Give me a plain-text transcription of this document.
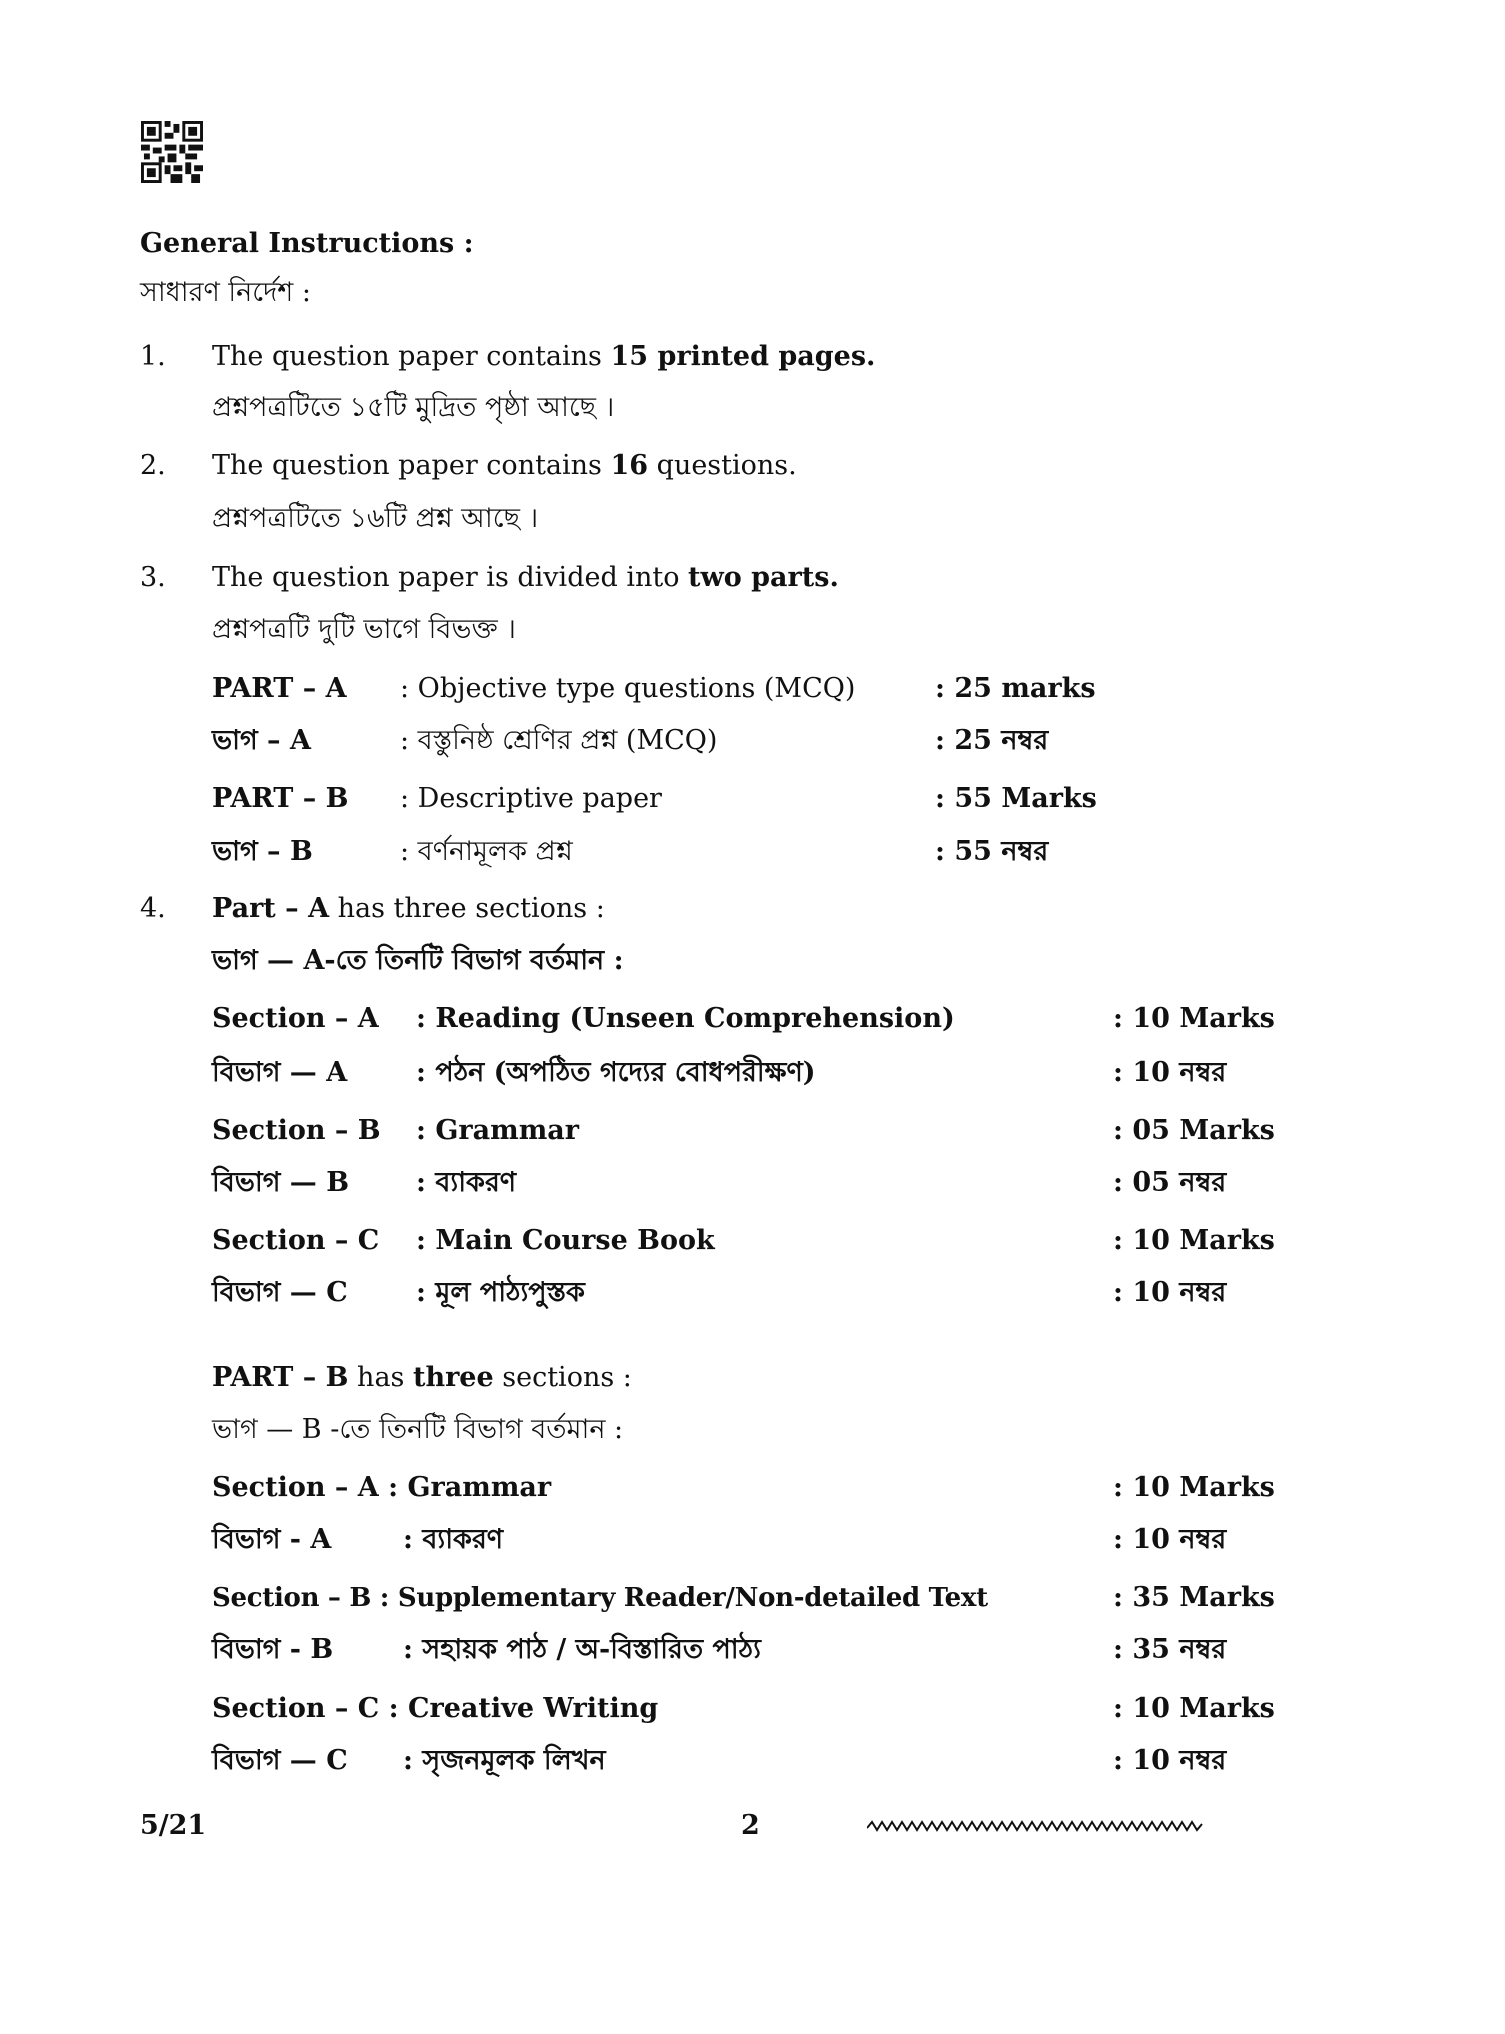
General Instructions :
সাধারণ নির্দেশ :
1. The question paper contains 15 printed pages.
প্রশ্নপত্রটিতে ১৫টি মুদ্রিত পৃষ্ঠা আছে ।
2. The question paper contains 16 questions.
প্রশ্নপত্রটিতে ১৬টি প্রশ্ন আছে ।
3. The question paper is divided into two parts.
প্রশ্নপত্রটি দুটি ভাগে বিভক্ত ।
PART – A : Objective type questions (MCQ)	: 25 marks
ভাগ – A	: বস্তুনিষ্ঠ শ্রেণির প্রশ্ন (MCQ)	: 25 নম্বর
PART – B : Descriptive paper	: 55 Marks
ভাগ – B	: বর্ণনামূলক প্রশ্ন	: 55 নম্বর
4. Part – A has three sections :
ভাগ — A-তে তিনটি বিভাগ বর্তমান :
Section – A : Reading (Unseen Comprehension)	: 10 Marks
বিভাগ — A	: পঠন (অপঠিত গদ্যের বোধপরীক্ষণ)	: 10 নম্বর
Section – B : Grammar	: 05 Marks
বিভাগ — B : ব্যাকরণ	: 05 নম্বর
Section – C : Main Course Book	: 10 Marks
বিভাগ — C	: মূল পাঠ্যপুস্তক	: 10 নম্বর
PART – B has three sections :
ভাগ — B -তে তিনটি বিভাগ বর্তমান :
Section – A : Grammar	: 10 Marks
বিভাগ - A	: ব্যাকরণ	: 10 নম্বর
Section – B : Supplementary Reader/Non-detailed Text	: 35 Marks
বিভাগ - B	: সহায়ক পাঠ / অ-বিস্তারিত পাঠ্য	: 35 নম্বর
Section – C : Creative Writing	: 10 Marks
বিভাগ — C : সৃজনমূলক লিখন	: 10 নম্বর
5/21	2
